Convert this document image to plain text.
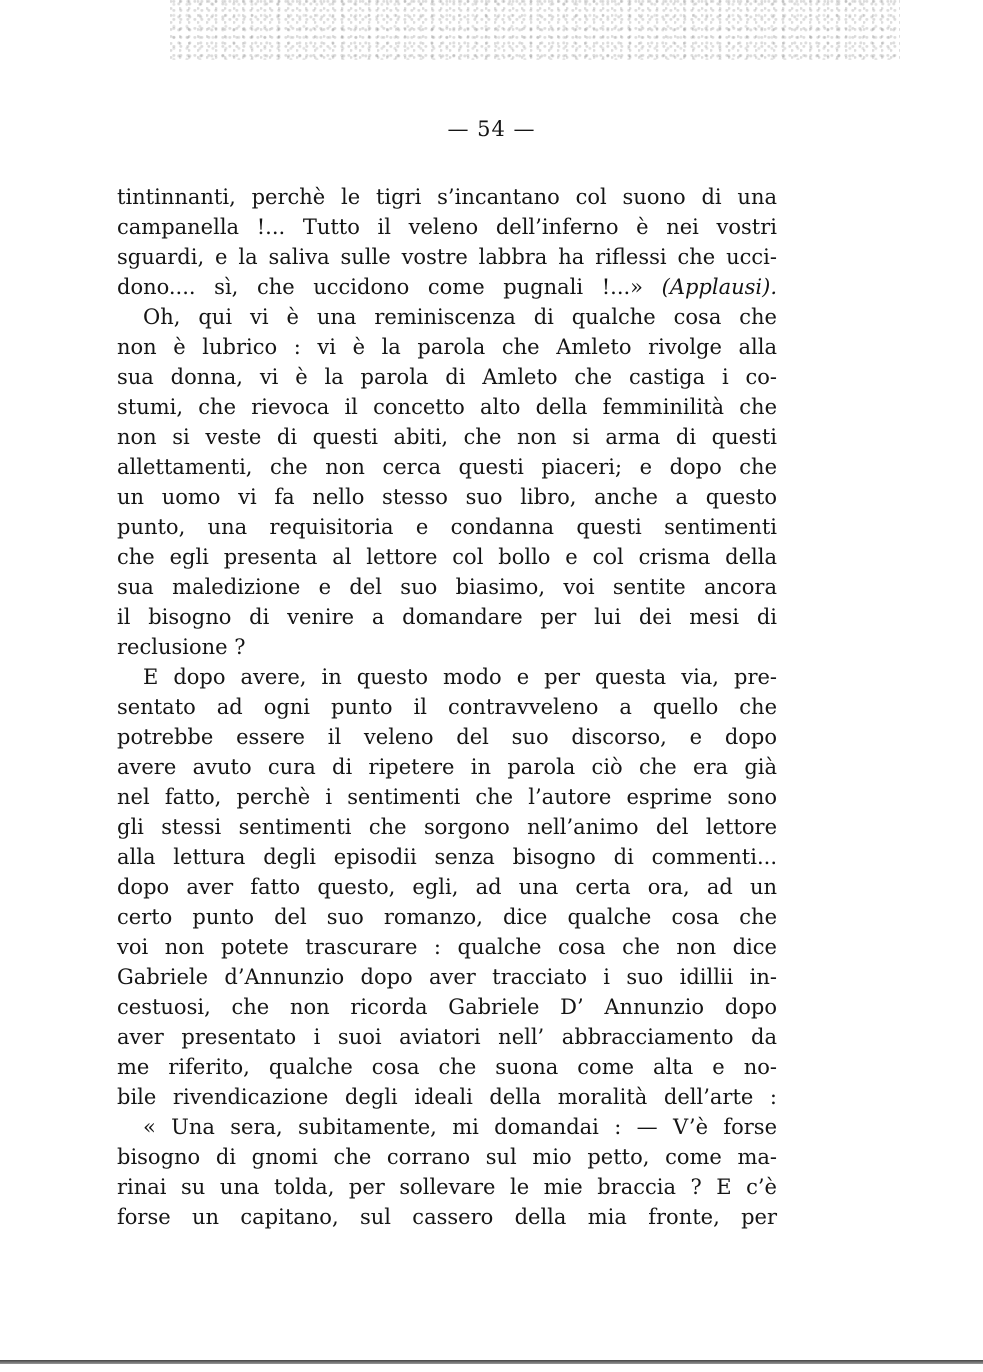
— 54 —
tintinnanti, perchè le tigri s’incantano col suono di una
campanella !... Tutto il veleno dell’inferno è nei vostri
sguardi, e la saliva sulle vostre labbra ha riflessi che ucci-
dono.... sì, che uccidono come pugnali !...» (Applausi).
Oh, qui vi è una reminiscenza di qualche cosa che
non è lubrico : vi è la parola che Amleto rivolge alla
sua donna, vi è la parola di Amleto che castiga i co-
stumi, che rievoca il concetto alto della femminilità che
non si veste di questi abiti, che non si arma di questi
allettamenti, che non cerca questi piaceri; e dopo che
un uomo vi fa nello stesso suo libro, anche a questo
punto, una requisitoria e condanna questi sentimenti
che egli presenta al lettore col bollo e col crisma della
sua maledizione e del suo biasimo, voi sentite ancora
il bisogno di venire a domandare per lui dei mesi di
reclusione ?
E dopo avere, in questo modo e per questa via, pre-
sentato ad ogni punto il contravveleno a quello che
potrebbe essere il veleno del suo discorso, e dopo
avere avuto cura di ripetere in parola ciò che era già
nel fatto, perchè i sentimenti che l’autore esprime sono
gli stessi sentimenti che sorgono nell’animo del lettore
alla lettura degli episodii senza bisogno di commenti...
dopo aver fatto questo, egli, ad una certa ora, ad un
certo punto del suo romanzo, dice qualche cosa che
voi non potete trascurare : qualche cosa che non dice
Gabriele d’Annunzio dopo aver tracciato i suo idillii in-
cestuosi, che non ricorda Gabriele D’ Annunzio dopo
aver presentato i suoi aviatori nell’ abbracciamento da
me riferito, qualche cosa che suona come alta e no-
bile rivendicazione degli ideali della moralità dell’arte :
« Una sera, subitamente, mi domandai : — V’è forse
bisogno di gnomi che corrano sul mio petto, come ma-
rinai su una tolda, per sollevare le mie braccia ? E c’è
forse un capitano, sul cassero della mia fronte, per
